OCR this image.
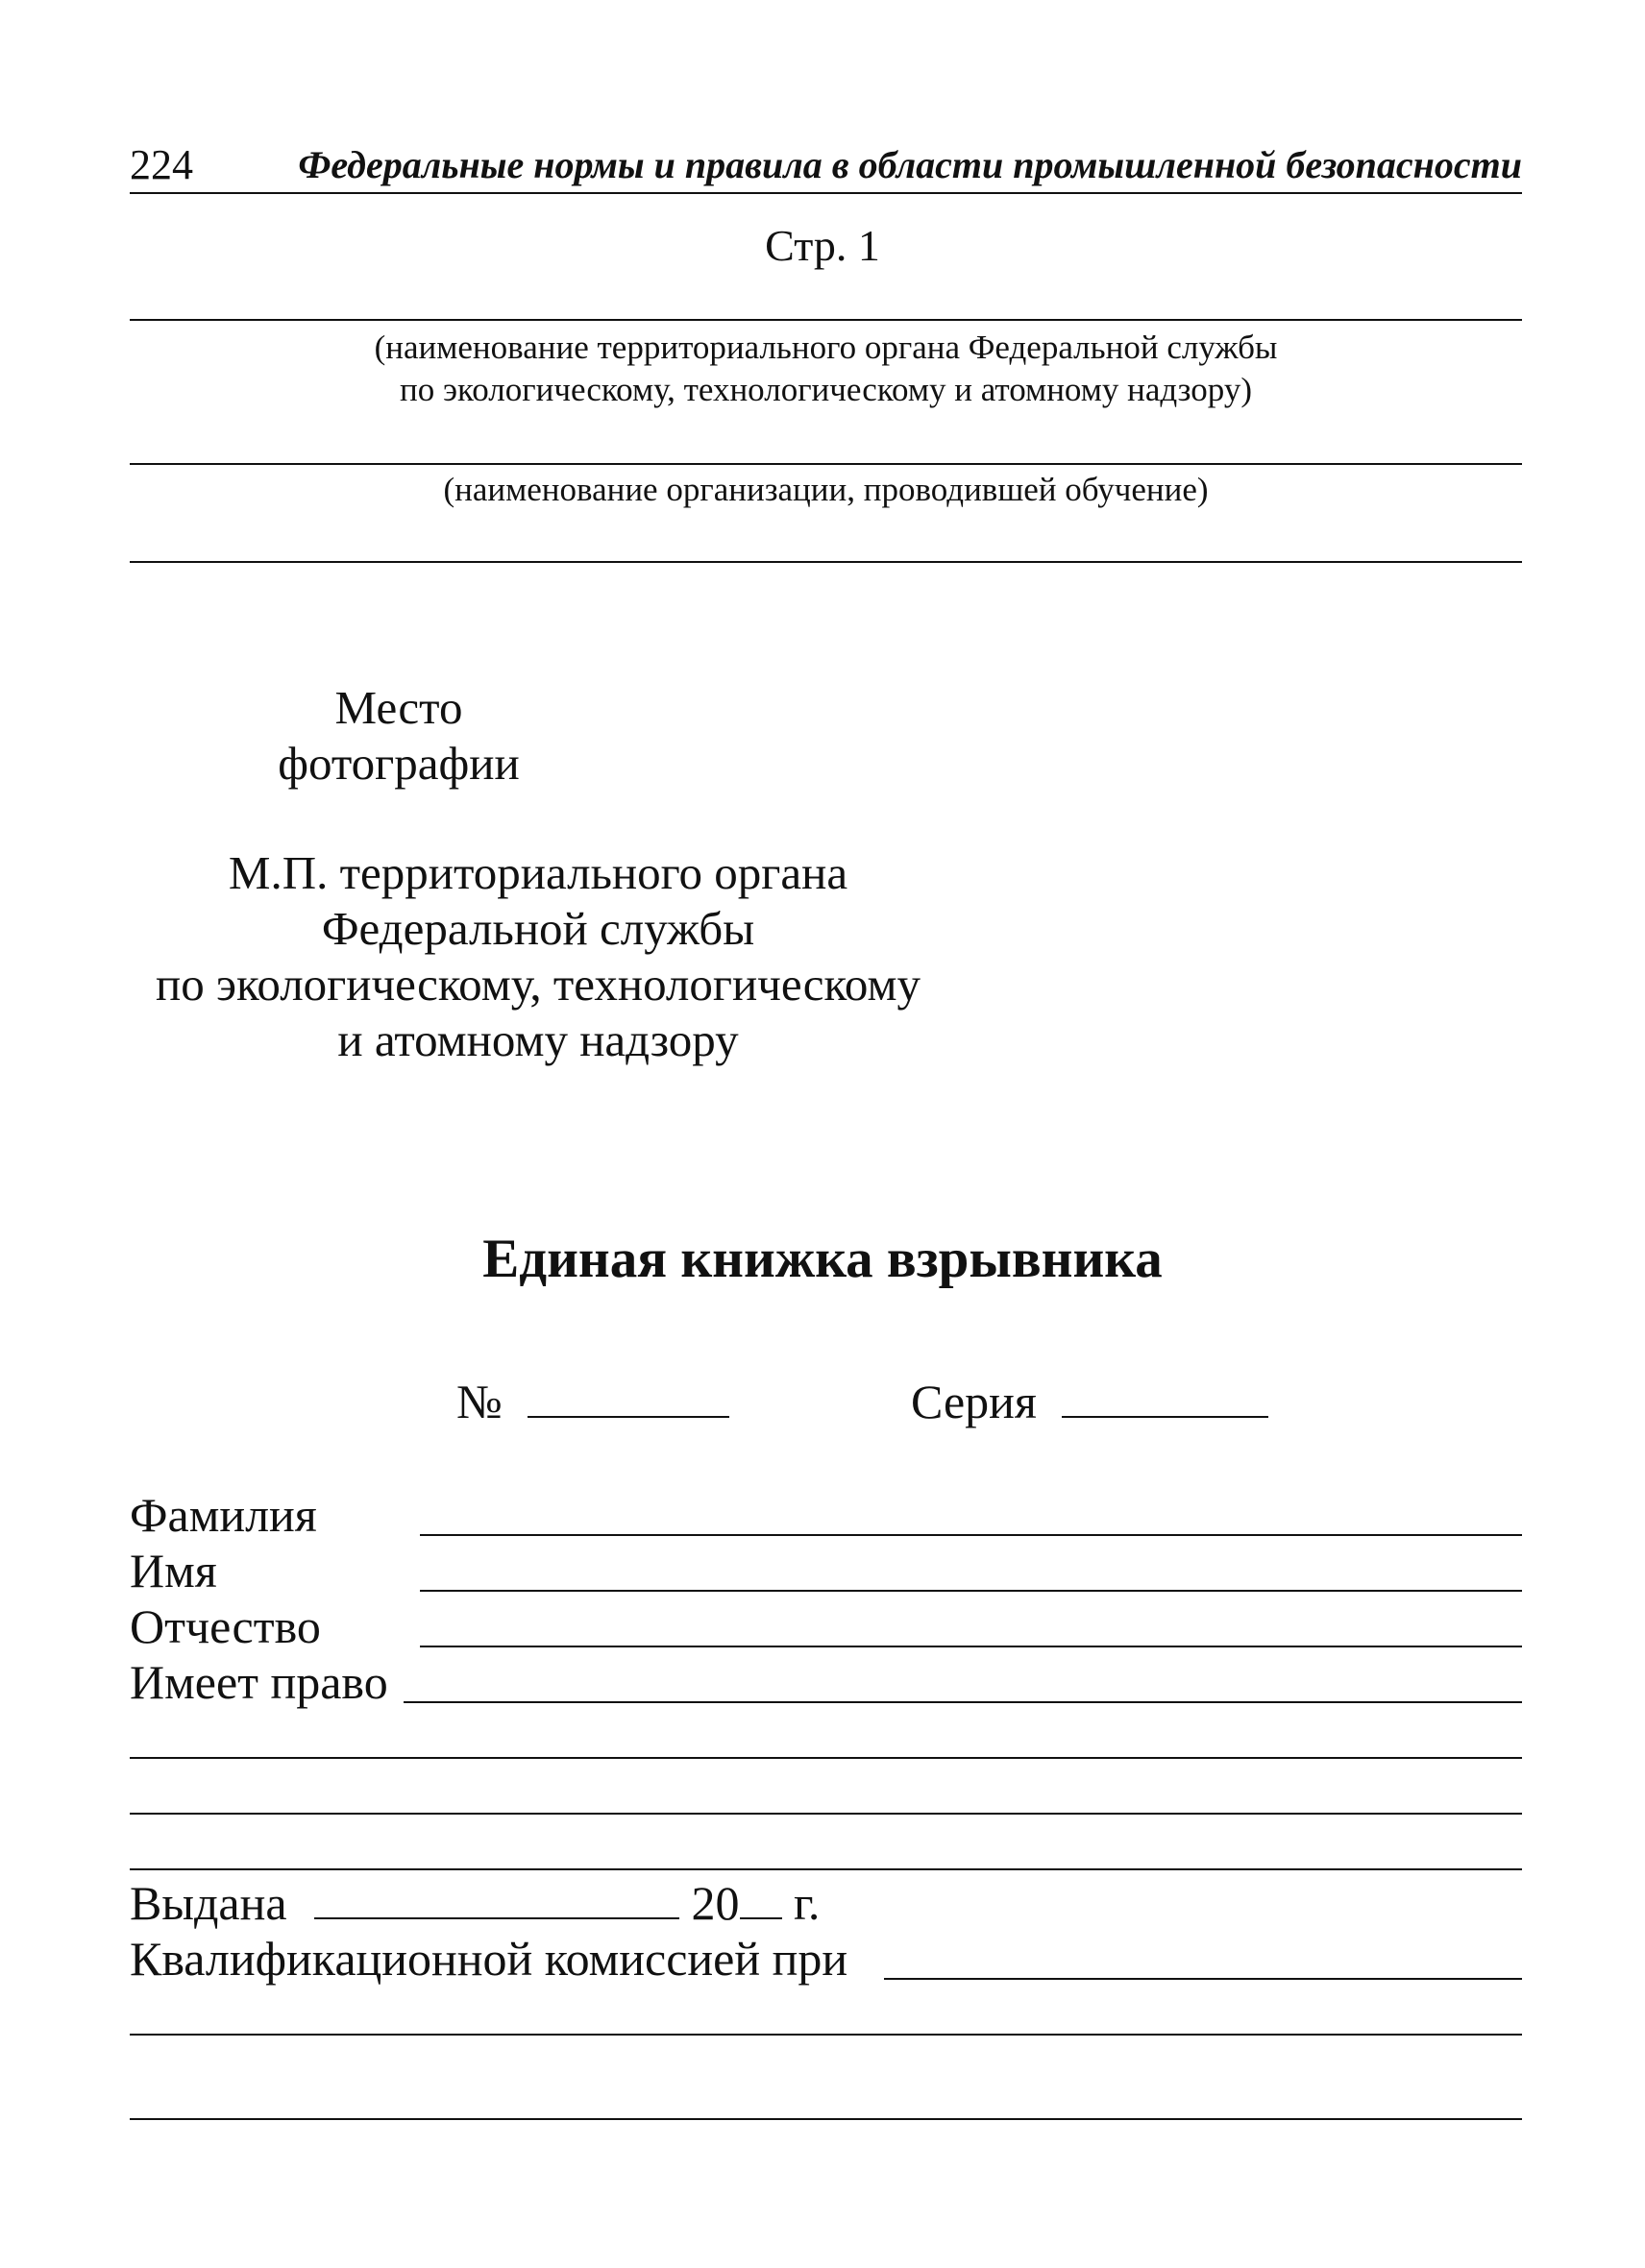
224	Федеральные нормы и правила в области промышленной безопасности
Стр. 1
(наименование территориального органа Федеральной службы
по экологическому, технологическому и атомному надзору)
(наименование организации, проводившей обучение)
Место
фотографии
М.П. территориального органа
Федеральной службы
по экологическому, технологическому
и атомному надзору
Единая книжка взрывника
№	Серия
Фамилия
Имя
Отчество
Имеет право
Выдана	20 г.
Квалификационной комиссией при
